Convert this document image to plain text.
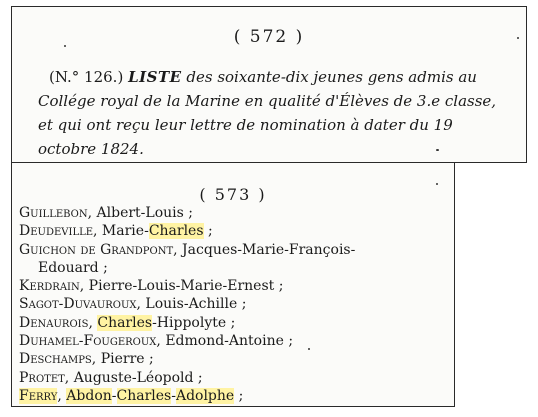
( 572 )
(N.° 126.) LISTE des soixante-dix jeunes gens admis au
Collége royal de la Marine en qualité d'Élèves de 3.e classe,
et qui ont reçu leur lettre de nomination à dater du 19
octobre 1824.
( 573 )
Guillebon, Albert-Louis ;
Deudeville, Marie-Charles ;
Guichon de Grandpont, Jacques-Marie-François-
Edouard ;
Kerdrain, Pierre-Louis-Marie-Ernest ;
Sagot-Duvauroux, Louis-Achille ;
Denaurois, Charles-Hippolyte ;
Duhamel-Fougeroux, Edmond-Antoine ;
Deschamps, Pierre ;
Protet, Auguste-Léopold ;
Ferry, Abdon-Charles-Adolphe ;
